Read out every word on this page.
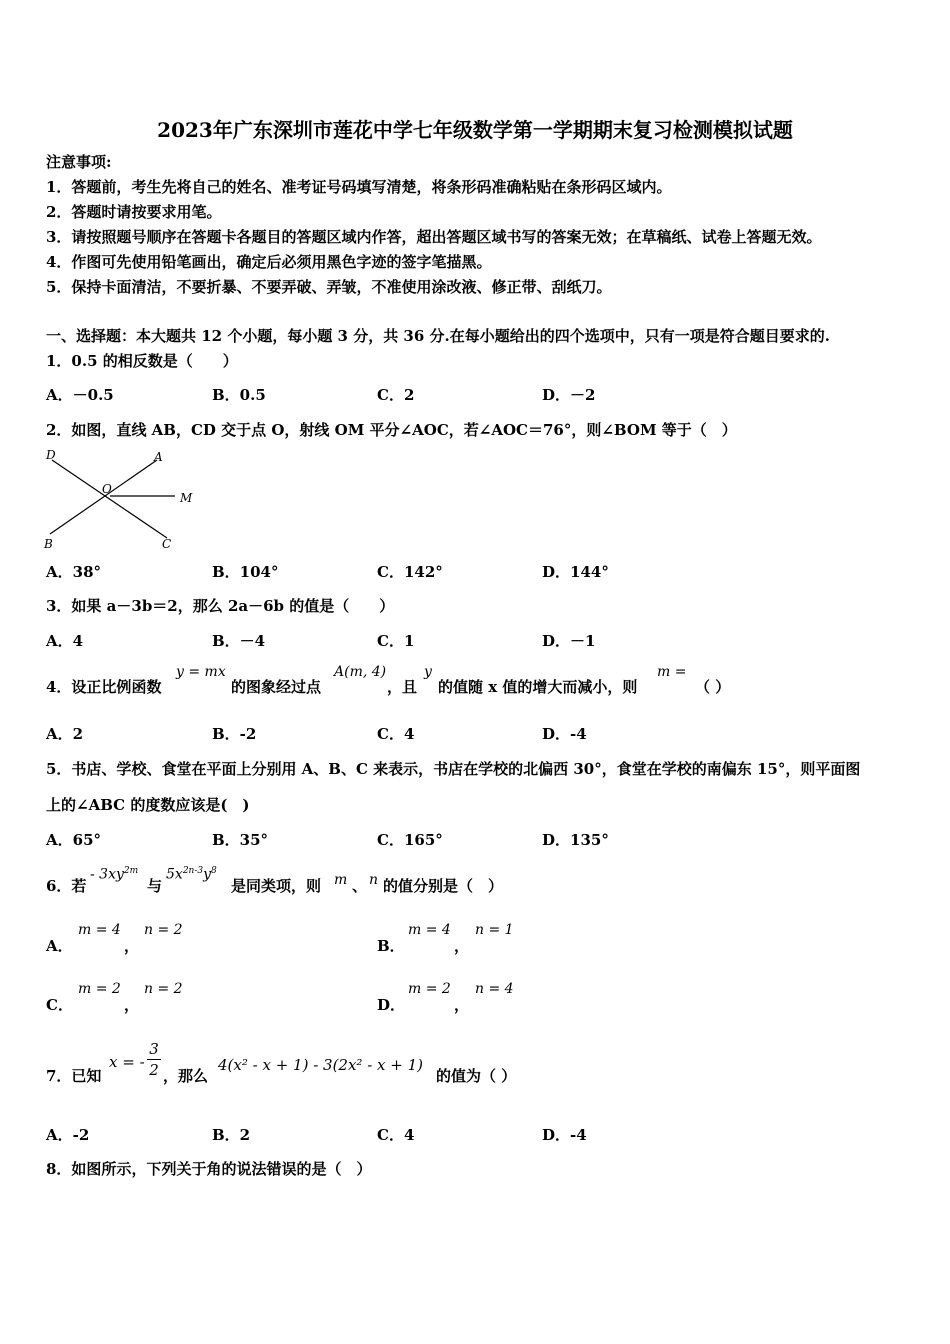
2023年广东深圳市莲花中学七年级数学第一学期期末复习检测模拟试题
注意事项:
1．答题前，考生先将自己的姓名、准考证号码填写清楚，将条形码准确粘贴在条形码区域内。
2．答题时请按要求用笔。
3．请按照题号顺序在答题卡各题目的答题区域内作答，超出答题区域书写的答案无效；在草稿纸、试卷上答题无效。
4．作图可先使用铅笔画出，确定后必须用黑色字迹的签字笔描黑。
5．保持卡面清洁，不要折暴、不要弄破、弄皱，不准使用涂改液、修正带、刮纸刀。
一、选择题：本大题共 12 个小题，每小题 3 分，共 36 分.在每小题给出的四个选项中，只有一项是符合题目要求的.
1．0.5 的相反数是（　　）
A．－0.5	B．0.5	C．2	D．－2
2．如图，直线 AB，CD 交于点 O，射线 OM 平分∠AOC，若∠AOC＝76°，则∠BOM 等于（　）
D	A
O
M
B	C
A．38°	B．104°	C．142°	D．144°
3．如果 a－3b＝2，那么 2a－6b 的值是（　　）
A．4	B．－4	C．1	D．－1
4．设正比例函数
y = mx
的图象经过点
A(m, 4)
，且
y
的值随 x 值的增大而减小，则
m =
（ ）
A．2	B．-2	C．4	D．-4
5．书店、学校、食堂在平面上分别用 A、B、C 来表示，书店在学校的北偏西 30°，食堂在学校的南偏东 15°，则平面图
上的∠ABC 的度数应该是(　)
A．65°	B．35°	C．165°	D．135°
6．若
- $3xy^{2m}$
与
$5x^{2n-3}y^8$
是同类项，则 m 、 n 的值分别是（　）
A．
m = 4
，
n = 2
B．
m = 4
，
n = 1
C．
m = 2
，
n = 2
D．
m = 2
，
n = 4
7．已知
x = -
3
2 ，那么
4(x² - x + 1) - 3(2x² - x + 1)
的值为（ ）
A．-2	B．2	C．4	D．-4
8．如图所示，下列关于角的说法错误的是（　）
